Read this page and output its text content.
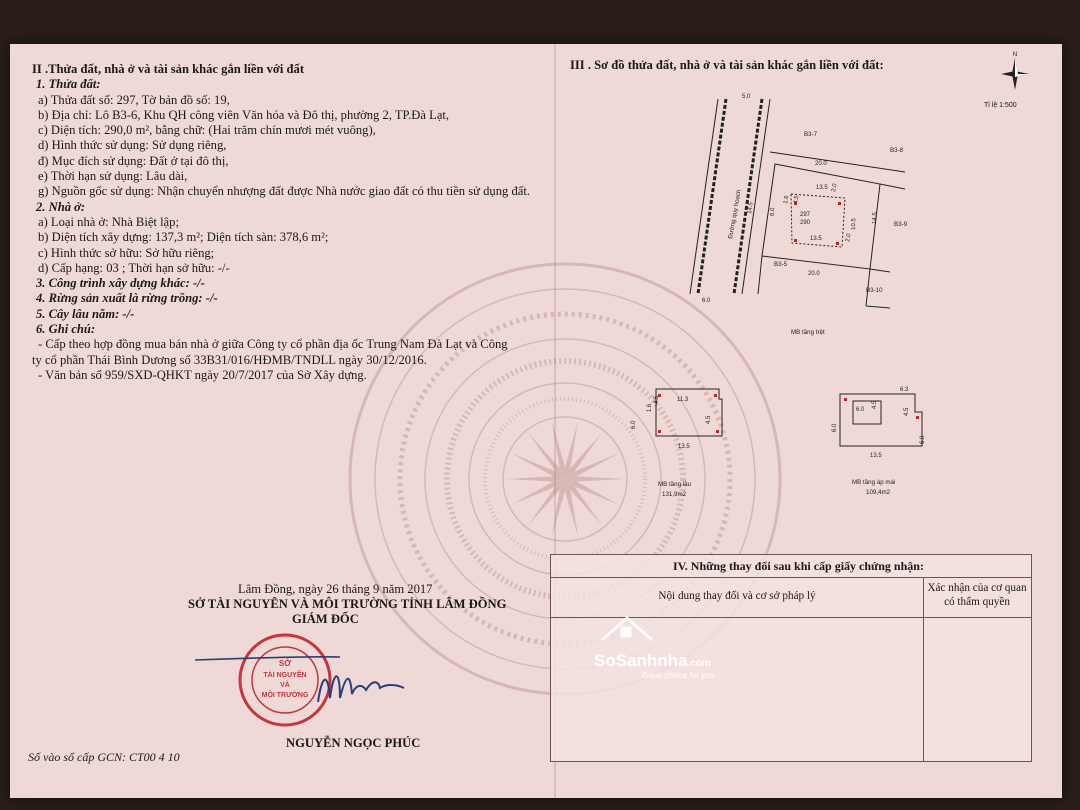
II .Thửa đất, nhà ở và tài sản khác gắn liền với đất
1. Thửa đất:
a) Thửa đất số: 297, Tờ bản đồ số: 19,
b) Địa chỉ: Lô B3-6, Khu QH công viên Văn hóa và Đô thị, phường 2, TP.Đà Lạt,
c) Diện tích: 290,0 m², bằng chữ: (Hai trăm chín mươi mét vuông),
d) Hình thức sử dụng: Sử dụng riêng,
đ) Mục đích sử dụng: Đất ở tại đô thị,
e) Thời hạn sử dụng: Lâu dài,
g) Nguồn gốc sử dụng: Nhận chuyển nhượng đất được Nhà nước giao đất có thu tiền sử dụng đất.
2. Nhà ở:
a) Loại nhà ở: Nhà Biệt lập;
b) Diện tích xây dựng: 137,3 m²; Diện tích sàn: 378,6 m²;
c) Hình thức sở hữu: Sở hữu riêng;
d) Cấp hạng: 03 ; Thời hạn sở hữu: -/-
3. Công trình xây dựng khác: -/-
4. Rừng sản xuất là rừng trồng: -/-
5. Cây lâu năm: -/-
6. Ghi chú:
- Cấp theo hợp đồng mua bán nhà ở giữa Công ty cổ phần địa ốc Trung Nam Đà Lạt và Công
ty cổ phần Thái Bình Dương số 33B31/016/HĐMB/TNDLL ngày 30/12/2016.
- Văn bản số 959/SXD-QHKT ngày 20/7/2017 của Sở Xây dựng.
III . Sơ đồ thửa đất, nhà ở và tài sản khác gắn liền với đất:
N
Tỉ lệ 1:500
5.0
6.0
Đường quy hoạch 14.5
B3-7
B3-8
B3-9
B3-5
B3-10
20.0
20.0
14.5
6.0
13.5
13.5
10.5
1.6 4.5
2.0
2.0
297
290
MB tầng trệt
11.3
13.5
6.0
1.6
4.5
4.5
MB tầng lầu
131,9m2
6.3
6.0
4.5
4.5
6.0
6.0
13.5
MB tầng áp mái
109,4m2
IV. Những thay đổi sau khi cấp giấy chứng nhận:
Nội dung thay đổi và cơ sở pháp lý
Xác nhận của cơ quan
có thẩm quyền
SoSanhnha.com
Great choice for you
Lâm Đồng, ngày 26 tháng 9 năm 2017
SỞ TÀI NGUYÊN VÀ MÔI TRƯỜNG TỈNH LÂM ĐỒNG
GIÁM ĐỐC
SỞ
TÀI NGUYÊN
VÀ
MÔI TRƯỜNG
NGUYỄN NGỌC PHÚC
Số vào sổ cấp GCN: CT00 4 10
